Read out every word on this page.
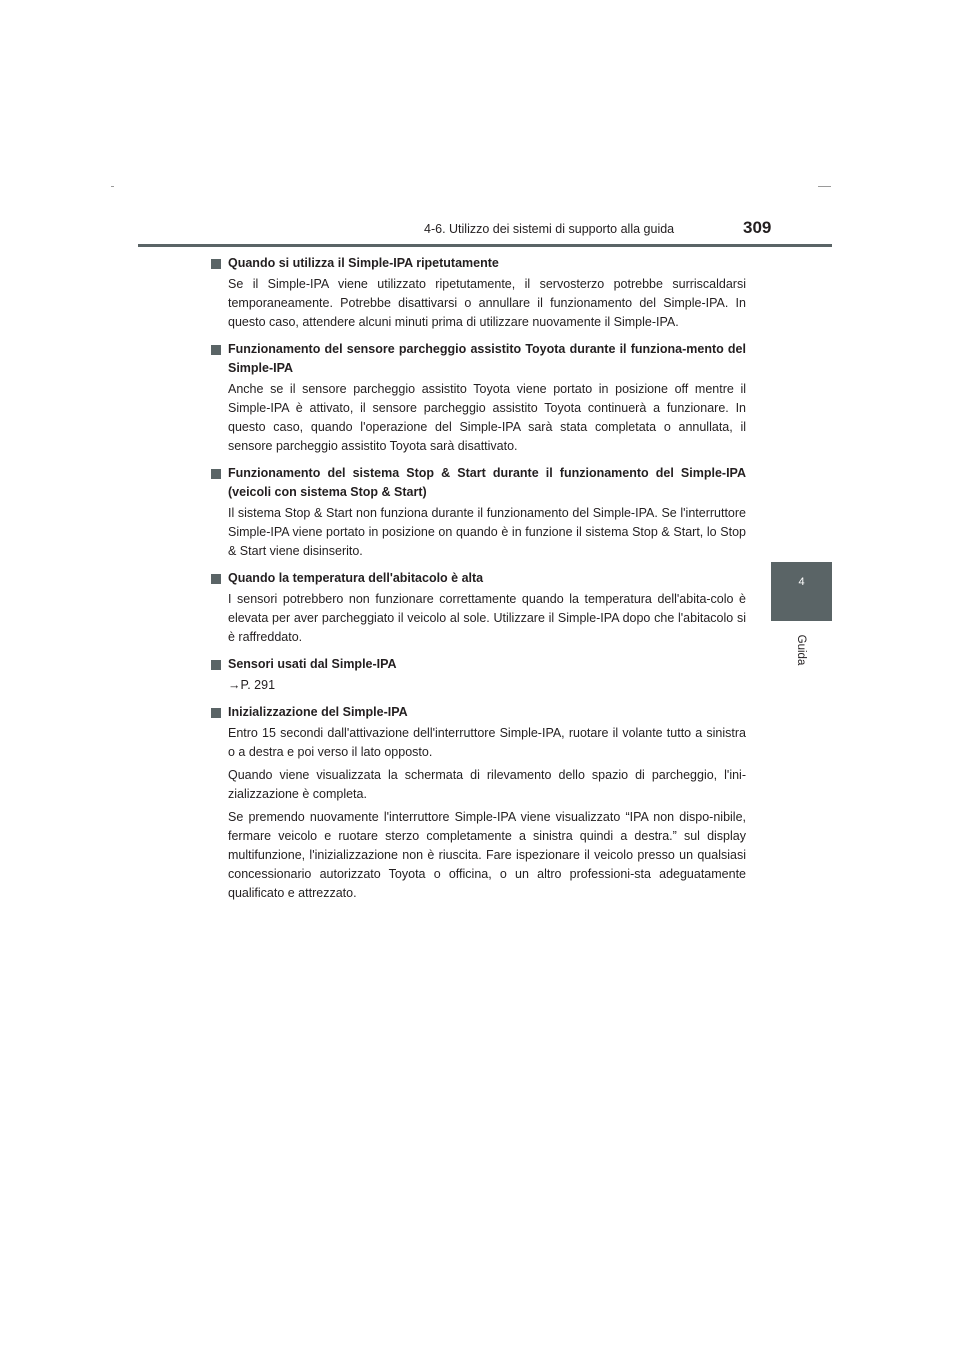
4-6. Utilizzo dei sistemi di supporto alla guida	309
4
Guida
Quando si utilizza il Simple-IPA ripetutamente

Se il Simple-IPA viene utilizzato ripetutamente, il servosterzo potrebbe surriscaldarsi temporaneamente. Potrebbe disattivarsi o annullare il funzionamento del Simple-IPA. In questo caso, attendere alcuni minuti prima di utilizzare nuovamente il Simple-IPA.

Funzionamento del sensore parcheggio assistito Toyota durante il funziona-mento del Simple-IPA

Anche se il sensore parcheggio assistito Toyota viene portato in posizione off mentre il Simple-IPA è attivato, il sensore parcheggio assistito Toyota continuerà a funzionare. In questo caso, quando l'operazione del Simple-IPA sarà stata completata o annullata, il sensore parcheggio assistito Toyota sarà disattivato.

Funzionamento del sistema Stop & Start durante il funzionamento del Simple-IPA (veicoli con sistema Stop & Start)

Il sistema Stop & Start non funziona durante il funzionamento del Simple-IPA. Se l'interruttore Simple-IPA viene portato in posizione on quando è in funzione il sistema Stop & Start, lo Stop & Start viene disinserito.

Quando la temperatura dell'abitacolo è alta

I sensori potrebbero non funzionare correttamente quando la temperatura dell'abita-colo è elevata per aver parcheggiato il veicolo al sole. Utilizzare il Simple-IPA dopo che l'abitacolo si è raffreddato.

Sensori usati dal Simple-IPA

→P. 291

Inizializzazione del Simple-IPA

Entro 15 secondi dall'attivazione dell'interruttore Simple-IPA, ruotare il volante tutto a sinistra o a destra e poi verso il lato opposto.

Quando viene visualizzata la schermata di rilevamento dello spazio di parcheggio, l'ini-zializzazione è completa.

Se premendo nuovamente l'interruttore Simple-IPA viene visualizzato “IPA non dispo-nibile, fermare veicolo e ruotare sterzo completamente a sinistra quindi a destra.” sul display multifunzione, l'inizializzazione non è riuscita. Fare ispezionare il veicolo presso un qualsiasi concessionario autorizzato Toyota o officina, o un altro professioni-sta adeguatamente qualificato e attrezzato.
